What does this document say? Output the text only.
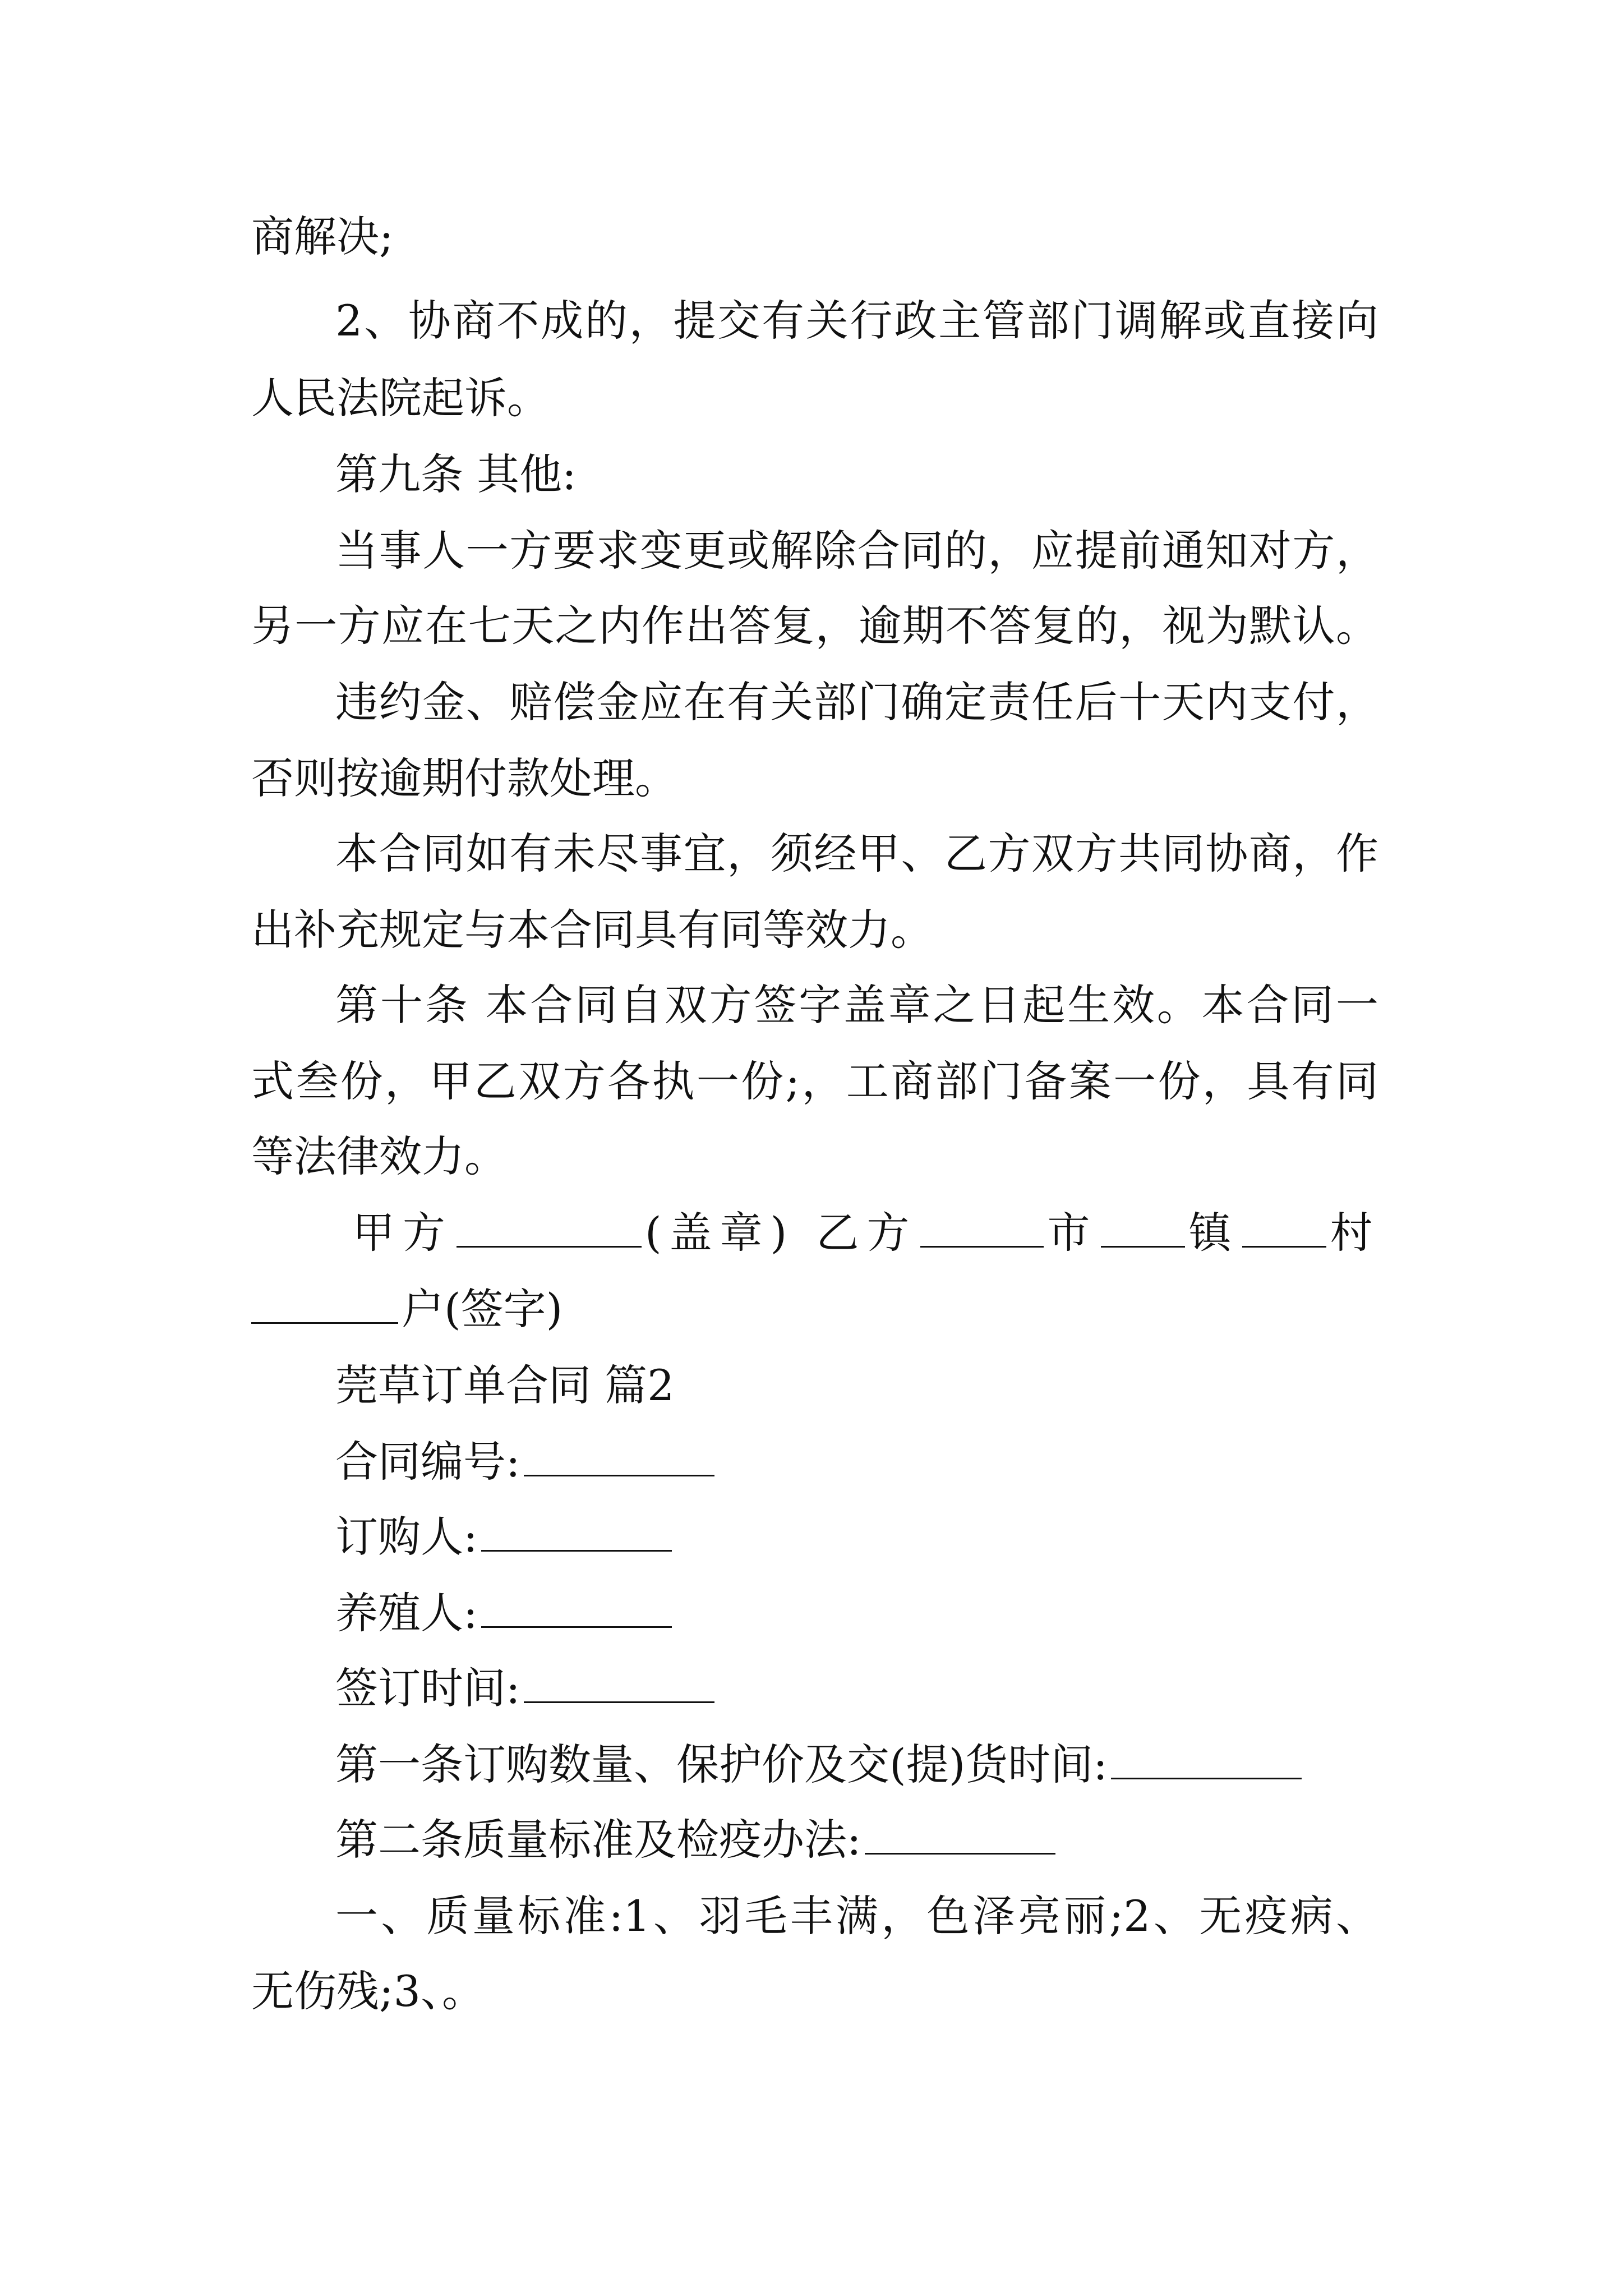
商解决;

2、协商不成的，提交有关行政主管部门调解或直接向

人民法院起诉。

第九条 其他:

当事人一方要求变更或解除合同的，应提前通知对方，

另一方应在七天之内作出答复，逾期不答复的，视为默认。

违约金、赔偿金应在有关部门确定责任后十天内支付，

否则按逾期付款处理。

本合同如有未尽事宜，须经甲、乙方双方共同协商，作

出补充规定与本合同具有同等效力。

第十条 本合同自双方签字盖章之日起生效。本合同一

式叁份，甲乙双方各执一份;，工商部门备案一份，具有同

等法律效力。

甲方	(盖章) 乙方	市 镇 村

户(签字)

莞草订单合同 篇2

合同编号:

订购人:

养殖人:

签订时间:

第一条订购数量、保护价及交(提)货时间:

第二条质量标准及检疫办法:

一、质量标准:1、羽毛丰满，色泽亮丽;2、无疫病、

无伤残;3、。
